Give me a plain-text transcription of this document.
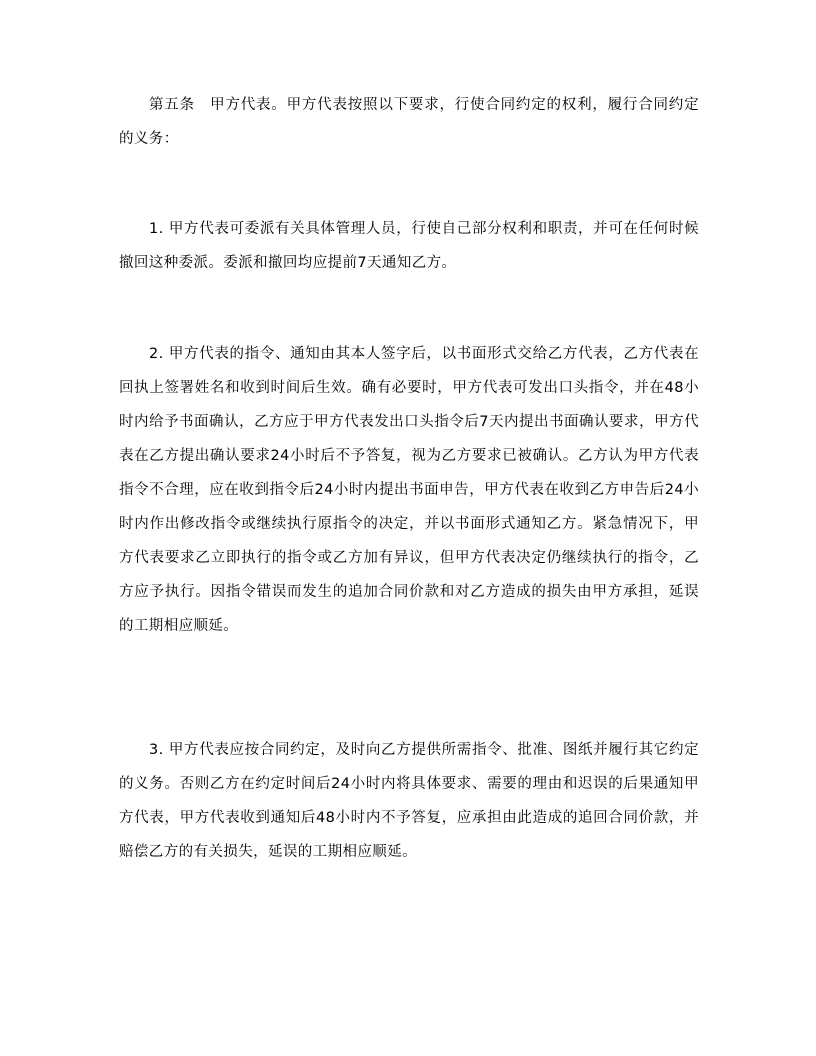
第五条　甲方代表。甲方代表按照以下要求，行使合同约定的权利，履行合同约定的义务：

1. 甲方代表可委派有关具体管理人员，行使自己部分权利和职责，并可在任何时候撤回这种委派。委派和撤回均应提前7天通知乙方。

2. 甲方代表的指令、通知由其本人签字后，以书面形式交给乙方代表，乙方代表在回执上签署姓名和收到时间后生效。确有必要时，甲方代表可发出口头指令，并在48小时内给予书面确认，乙方应于甲方代表发出口头指令后7天内提出书面确认要求，甲方代表在乙方提出确认要求24小时后不予答复，视为乙方要求已被确认。乙方认为甲方代表指令不合理，应在收到指令后24小时内提出书面申告，甲方代表在收到乙方申告后24小时内作出修改指令或继续执行原指令的决定，并以书面形式通知乙方。紧急情况下，甲方代表要求乙立即执行的指令或乙方加有异议，但甲方代表决定仍继续执行的指令，乙方应予执行。因指令错误而发生的追加合同价款和对乙方造成的损失由甲方承担，延误的工期相应顺延。

3. 甲方代表应按合同约定，及时向乙方提供所需指令、批准、图纸并履行其它约定的义务。否则乙方在约定时间后24小时内将具体要求、需要的理由和迟误的后果通知甲方代表，甲方代表收到通知后48小时内不予答复，应承担由此造成的追回合同价款，并赔偿乙方的有关损失，延误的工期相应顺延。
